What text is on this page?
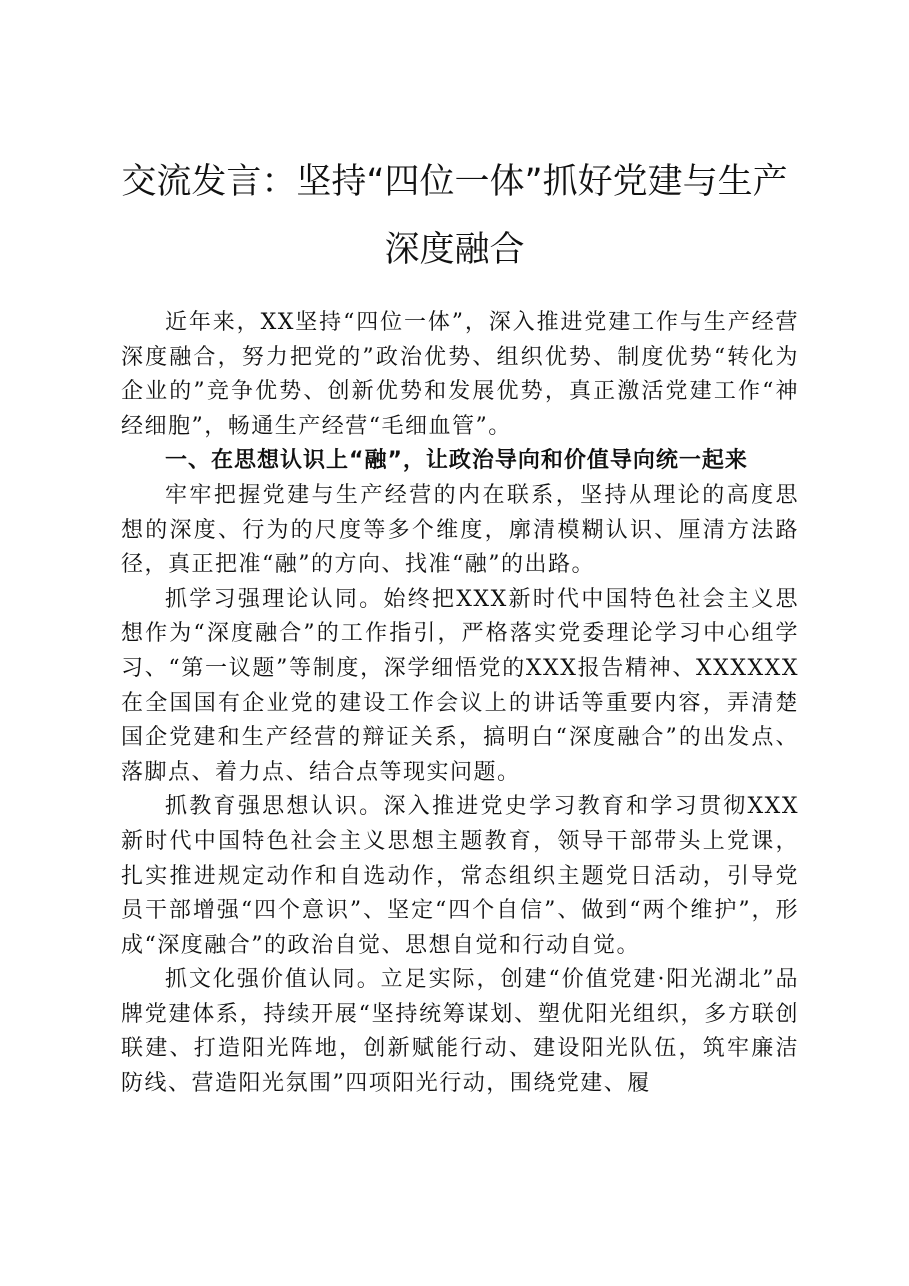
交流发言：坚持“四位一体”抓好党建与生产
深度融合

近年来，XX坚持“四位一体”，深入推进党建工作与生产经营深度融合，努力把党的”政治优势、组织优势、制度优势“转化为企业的”竞争优势、创新优势和发展优势，真正激活党建工作“神经细胞”，畅通生产经营“毛细血管”。

一、在思想认识上“融”，让政治导向和价值导向统一起来

牢牢把握党建与生产经营的内在联系，坚持从理论的高度思想的深度、行为的尺度等多个维度，廓清模糊认识、厘清方法路径，真正把准“融”的方向、找准“融”的出路。

抓学习强理论认同。始终把XXX新时代中国特色社会主义思想作为“深度融合”的工作指引，严格落实党委理论学习中心组学习、“第一议题”等制度，深学细悟党的XXX报告精神、XXXXXX在全国国有企业党的建设工作会议上的讲话等重要内容，弄清楚国企党建和生产经营的辩证关系，搞明白“深度融合”的出发点、落脚点、着力点、结合点等现实问题。

抓教育强思想认识。深入推进党史学习教育和学习贯彻XXX新时代中国特色社会主义思想主题教育，领导干部带头上党课，扎实推进规定动作和自选动作，常态组织主题党日活动，引导党员干部增强“四个意识”、坚定“四个自信”、做到“两个维护”，形成“深度融合”的政治自觉、思想自觉和行动自觉。

抓文化强价值认同。立足实际，创建“价值党建·阳光湖北”品牌党建体系，持续开展“坚持统筹谋划、塑优阳光组织，多方联创联建、打造阳光阵地，创新赋能行动、建设阳光队伍，筑牢廉洁防线、营造阳光氛围”四项阳光行动，围绕党建、履
